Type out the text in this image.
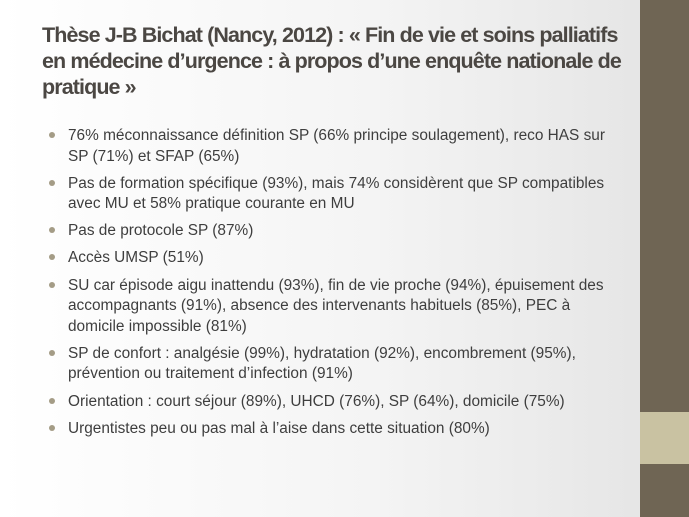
Thèse J-B Bichat (Nancy, 2012) : « Fin de vie et soins palliatifs en médecine d’urgence : à propos d’une enquête nationale de pratique »
76% méconnaissance définition SP (66% principe soulagement), reco HAS sur SP (71%) et SFAP (65%)
Pas de formation spécifique (93%), mais 74% considèrent que SP compatibles avec MU et 58% pratique courante en MU
Pas de protocole SP (87%)
Accès UMSP (51%)
SU car épisode aigu inattendu (93%), fin de vie proche (94%), épuisement des accompagnants (91%), absence des intervenants habituels (85%), PEC à domicile impossible (81%)
SP de confort : analgésie (99%), hydratation (92%), encombrement (95%), prévention ou traitement d’infection (91%)
Orientation : court séjour (89%), UHCD (76%), SP (64%), domicile (75%)
Urgentistes peu ou pas mal à l’aise dans cette situation (80%)
